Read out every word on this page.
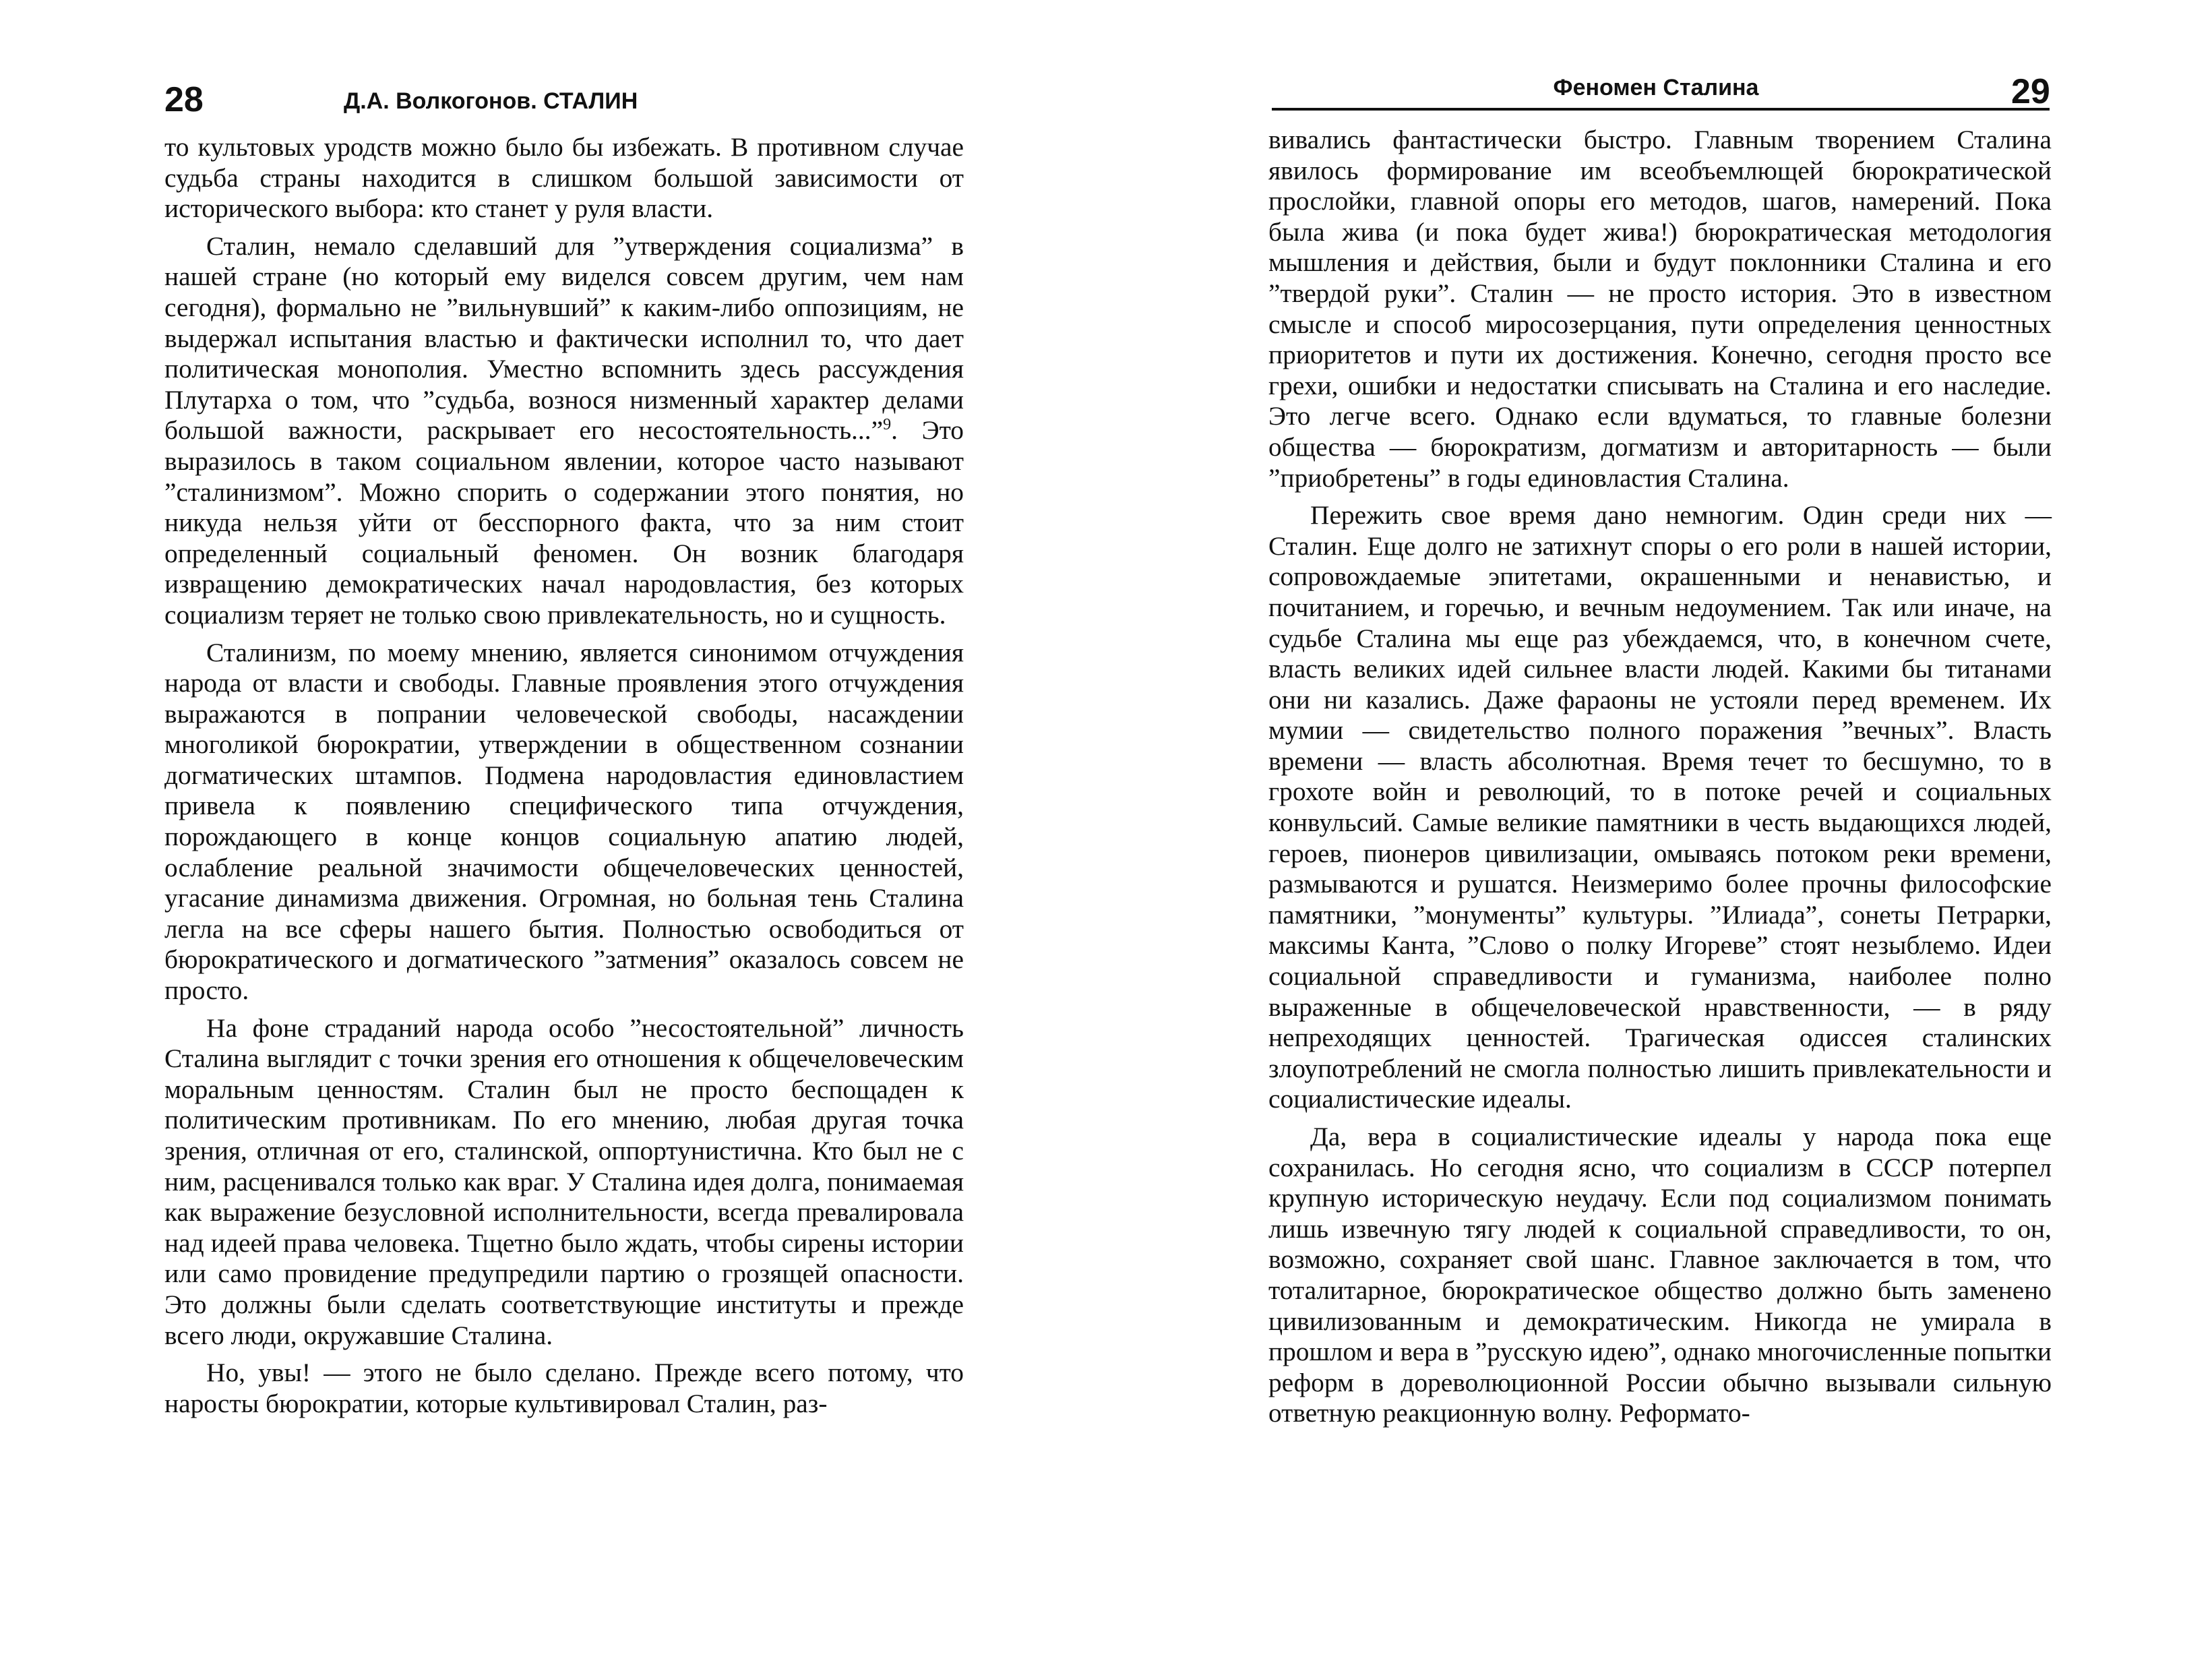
28	Д.А. Волкогонов. СТАЛИН

то культовых уродств можно было бы избежать. В противном случае судьба страны находится в слишком большой зависимости от исторического выбора: кто станет у руля власти.

Сталин, немало сделавший для ”утверждения социализма” в нашей стране (но который ему виделся совсем другим, чем нам сегодня), формально не ”вильнувший” к каким-либо оппозициям, не выдержал испытания властью и фактически исполнил то, что дает политическая монополия. Уместно вспомнить здесь рассуждения Плутарха о том, что ”судьба, вознося низменный характер делами большой важности, раскрывает его несостоятельность...”$^9$. Это выразилось в таком социальном явлении, которое часто называют ”сталинизмом”. Можно спорить о содержании этого понятия, но никуда нельзя уйти от бесспорного факта, что за ним стоит определенный социальный феномен. Он возник благодаря извращению демократических начал народовластия, без которых социализм теряет не только свою привлекательность, но и сущность.

Сталинизм, по моему мнению, является синонимом отчуждения народа от власти и свободы. Главные проявления этого отчуждения выражаются в попрании человеческой свободы, насаждении многоликой бюрократии, утверждении в общественном сознании догматических штампов. Подмена народовластия единовластием привела к появлению специфического типа отчуждения, порождающего в конце концов социальную апатию людей, ослабление реальной значимости общечеловеческих ценностей, угасание динамизма движения. Огромная, но больная тень Сталина легла на все сферы нашего бытия. Полностью освободиться от бюрократического и догматического ”затмения” оказалось совсем не просто.

На фоне страданий народа особо ”несостоятельной” личность Сталина выглядит с точки зрения его отношения к общечеловеческим моральным ценностям. Сталин был не просто беспощаден к политическим противникам. По его мнению, любая другая точка зрения, отличная от его, сталинской, оппортунистична. Кто был не с ним, расценивался только как враг. У Сталина идея долга, понимаемая как выражение безусловной исполнительности, всегда превалировала над идеей права человека. Тщетно было ждать, чтобы сирены истории или само провидение предупредили партию о грозящей опасности. Это должны были сделать соответствующие институты и прежде всего люди, окружавшие Сталина.

Но, увы! — этого не было сделано. Прежде всего потому, что наросты бюрократии, которые культивировал Сталин, раз-

Феномен Сталина	29

вивались фантастически быстро. Главным творением Сталина явилось формирование им всеобъемлющей бюрократической прослойки, главной опоры его методов, шагов, намерений. Пока была жива (и пока будет жива!) бюрократическая методология мышления и действия, были и будут поклонники Сталина и его ”твердой руки”. Сталин — не просто история. Это в известном смысле и способ миросозерцания, пути определения ценностных приоритетов и пути их достижения. Конечно, сегодня просто все грехи, ошибки и недостатки списывать на Сталина и его наследие. Это легче всего. Однако если вдуматься, то главные болезни общества — бюрократизм, догматизм и авторитарность — были ”приобретены” в годы единовластия Сталина.

Пережить свое время дано немногим. Один среди них — Сталин. Еще долго не затихнут споры о его роли в нашей истории, сопровождаемые эпитетами, окрашенными и ненавистью, и почитанием, и горечью, и вечным недоумением. Так или иначе, на судьбе Сталина мы еще раз убеждаемся, что, в конечном счете, власть великих идей сильнее власти людей. Какими бы титанами они ни казались. Даже фараоны не устояли перед временем. Их мумии — свидетельство полного поражения ”вечных”. Власть времени — власть абсолютная. Время течет то бесшумно, то в грохоте войн и революций, то в потоке речей и социальных конвульсий. Самые великие памятники в честь выдающихся людей, героев, пионеров цивилизации, омываясь потоком реки времени, размываются и рушатся. Неизмеримо более прочны философские памятники, ”монументы” культуры. ”Илиада”, сонеты Петрарки, максимы Канта, ”Слово о полку Игореве” стоят незыблемо. Идеи социальной справедливости и гуманизма, наиболее полно выраженные в общечеловеческой нравственности, — в ряду непреходящих ценностей. Трагическая одиссея сталинских злоупотреблений не смогла полностью лишить привлекательности и социалистические идеалы.

Да, вера в социалистические идеалы у народа пока еще сохранилась. Но сегодня ясно, что социализм в СССР потерпел крупную историческую неудачу. Если под социализмом понимать лишь извечную тягу людей к социальной справедливости, то он, возможно, сохраняет свой шанс. Главное заключается в том, что тоталитарное, бюрократическое общество должно быть заменено цивилизованным и демократическим. Никогда не умирала в прошлом и вера в ”русскую идею”, однако многочисленные попытки реформ в дореволюционной России обычно вызывали сильную ответную реакционную волну. Реформато-
